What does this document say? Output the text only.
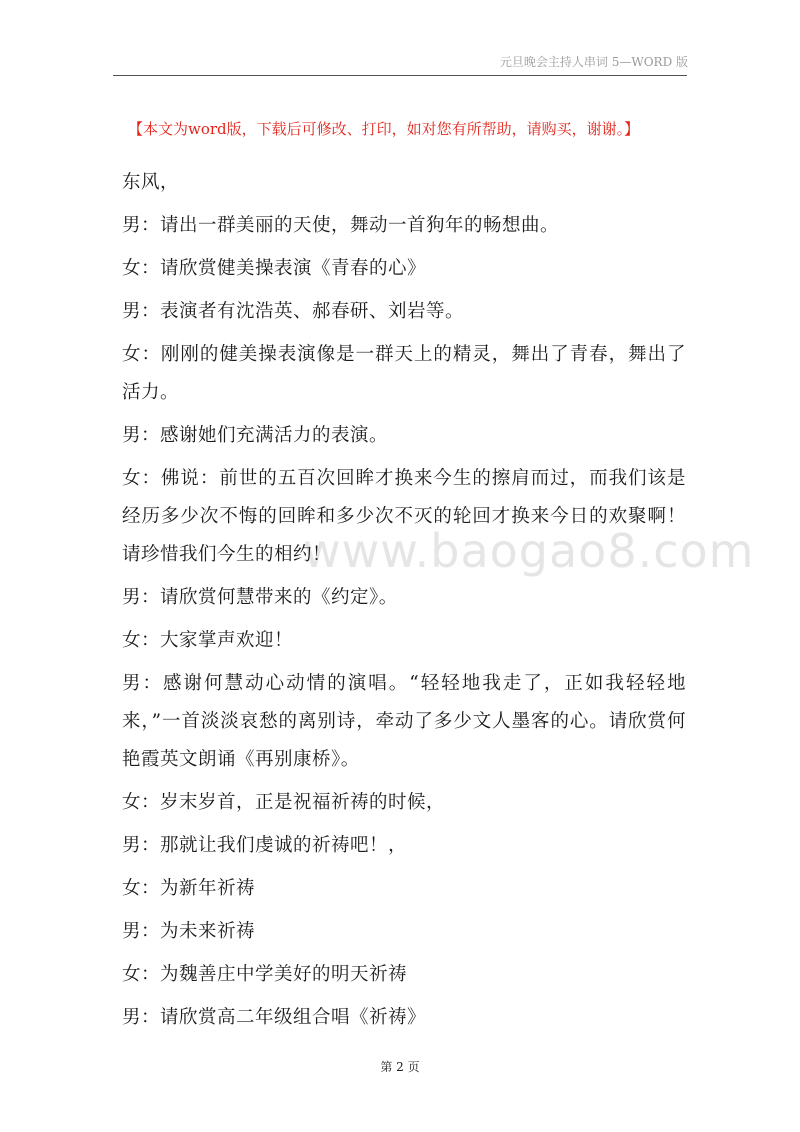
元旦晚会主持人串词 5—WORD 版
【本文为word版，下载后可修改、打印，如对您有所帮助，请购买，谢谢。】
www.baogao8.com

东风，

男：请出一群美丽的天使，舞动一首狗年的畅想曲。

女：请欣赏健美操表演《青春的心》

男：表演者有沈浩英、郝春研、刘岩等。

女：刚刚的健美操表演像是一群天上的精灵，舞出了青春，舞出了活力。

男：感谢她们充满活力的表演。

女：佛说：前世的五百次回眸才换来今生的擦肩而过，而我们该是经历多少次不悔的回眸和多少次不灭的轮回才换来今日的欢聚啊！请珍惜我们今生的相约！

男：请欣赏何慧带来的《约定》。

女：大家掌声欢迎！

男：感谢何慧动心动情的演唱。“轻轻地我走了，正如我轻轻地来，”一首淡淡哀愁的离别诗，牵动了多少文人墨客的心。请欣赏何艳霞英文朗诵《再别康桥》。

女：岁末岁首，正是祝福祈祷的时候，

男：那就让我们虔诚的祈祷吧！，

女：为新年祈祷

男：为未来祈祷

女：为魏善庄中学美好的明天祈祷

男：请欣赏高二年级组合唱《祈祷》

第 2 页
